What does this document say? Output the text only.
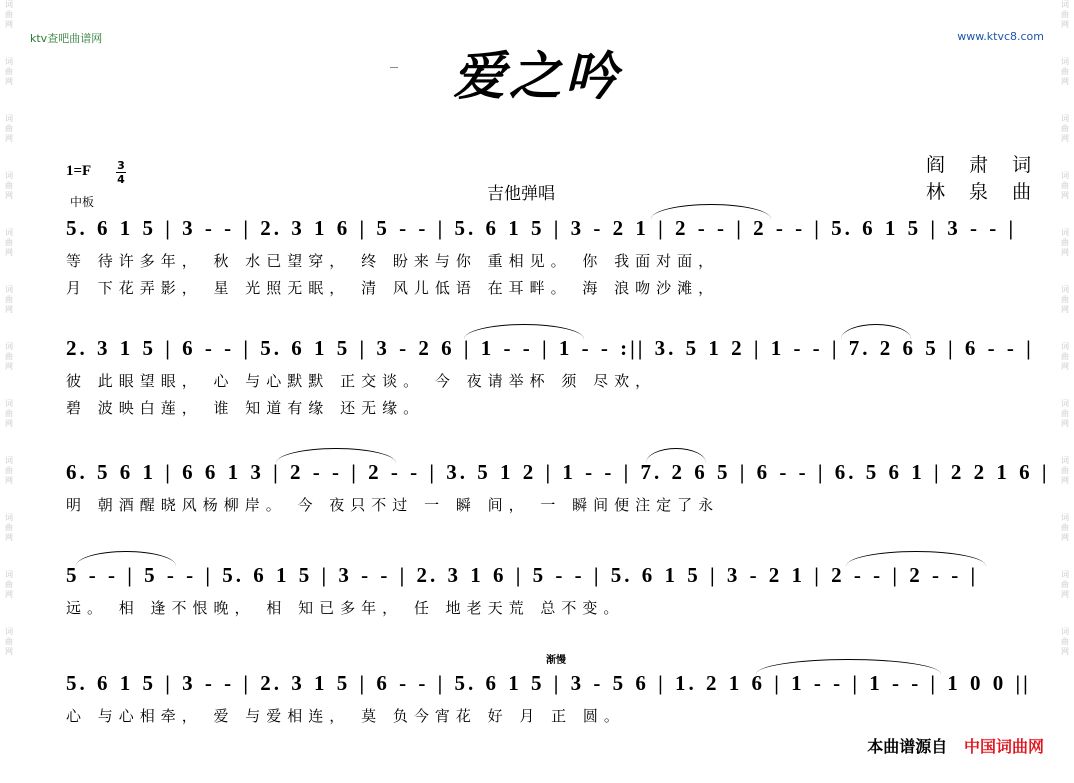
词曲网
词曲网
词曲网
词曲网
词曲网
词曲网
词曲网
词曲网
词曲网
词曲网
词曲网
词曲网
词曲网
词曲网
词曲网
词曲网
词曲网
词曲网
词曲网
词曲网
词曲网
词曲网
词曲网
词曲网
ktv查吧曲谱网	www.ktvc8.com
爱之吟
1=F 3
4
中板	吉他弹唱
阎 肃 词
林 泉 曲
5. 6 1 5 | 3 - - | 2. 3 1 6 | 5 - - | 5. 6 1 5 | 3 - 2 1 | 2 - - | 2 - - | 5. 6 1 5 | 3 - - |
等 待许多年， 秋 水已望穿， 终 盼来与你 重相见。 你 我面对面，
月 下花弄影， 星 光照无眠， 清 风儿低语 在耳畔。 海 浪吻沙滩，
2. 3 1 5 | 6 - - | 5. 6 1 5 | 3 - 2 6 | 1 - - | 1 - - :|| 3. 5 1 2 | 1 - - | 7. 2 6 5 | 6 - - |
彼 此眼望眼， 心 与心默默 正交谈。 今 夜请举杯 须 尽欢，
碧 波映白莲， 谁 知道有缘 还无缘。
6. 5 6 1 | 6 6 1 3 | 2 - - | 2 - - | 3. 5 1 2 | 1 - - | 7. 2 6 5 | 6 - - | 6. 5 6 1 | 2 2 1 6 |
明 朝酒醒晓风杨柳岸。 今 夜只不过 一 瞬 间， 一 瞬间便注定了永
5 - - | 5 - - | 5. 6 1 5 | 3 - - | 2. 3 1 6 | 5 - - | 5. 6 1 5 | 3 - 2 1 | 2 - - | 2 - - |
远。 相 逢不恨晚， 相 知已多年， 任 地老天荒 总不变。
渐慢
5. 6 1 5 | 3 - - | 2. 3 1 5 | 6 - - | 5. 6 1 5 | 3 - 5 6 | 1. 2 1 6 | 1 - - | 1 - - | 1 0 0 ||
心 与心相牵， 爱 与爱相连， 莫 负今宵花 好 月 正 圆。
本曲谱源自 中国词曲网
